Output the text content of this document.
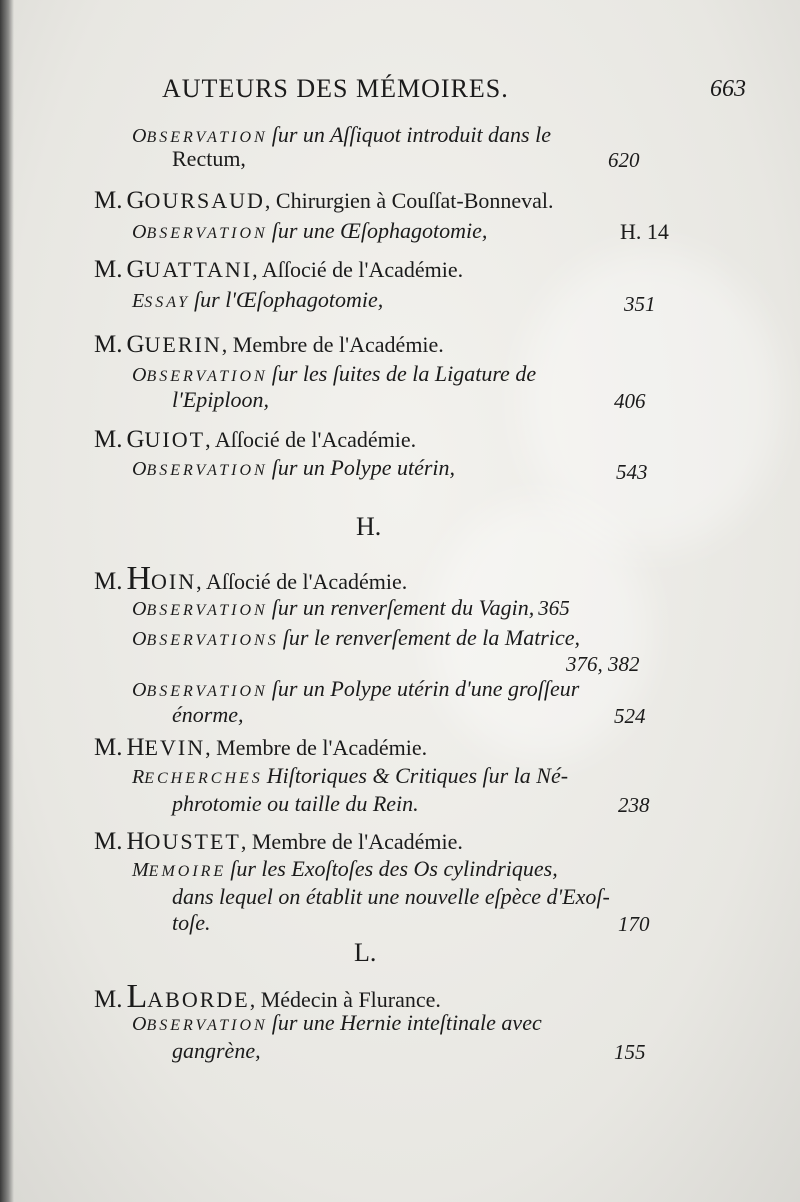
AUTEURS DES MÉMOIRES.	663
OBSERVATION ſur un Aſſiquot introduit dans le
Rectum,	620
M. GOURSAUD, Chirurgien à Couſſat-Bonneval.
OBSERVATION ſur une Œſophagotomie,	H. 14
M. GUATTANI, Aſſocié de l'Académie.
ESSAY ſur l'Œſophagotomie,	351
M. GUERIN, Membre de l'Académie.
OBSERVATION ſur les ſuites de la Ligature de
l'Epiploon,	406
M. GUIOT, Aſſocié de l'Académie.
OBSERVATION ſur un Polype utérin,	543
H.
M. HOIN, Aſſocié de l'Académie.
OBSERVATION ſur un renverſement du Vagin, 365
OBSERVATIONS ſur le renverſement de la Matrice,
376, 382
OBSERVATION ſur un Polype utérin d'une groſſeur
énorme,	524
M. HEVIN, Membre de l'Académie.
RECHERCHES Hiſtoriques & Critiques ſur la Né-
phrotomie ou taille du Rein.	238
M. HOUSTET, Membre de l'Académie.
MEMOIRE ſur les Exoſtoſes des Os cylindriques,
dans lequel on établit une nouvelle eſpèce d'Exoſ-
toſe.	170
L.
M. LABORDE, Médecin à Flurance.
OBSERVATION ſur une Hernie inteſtinale avec
gangrène,	155
